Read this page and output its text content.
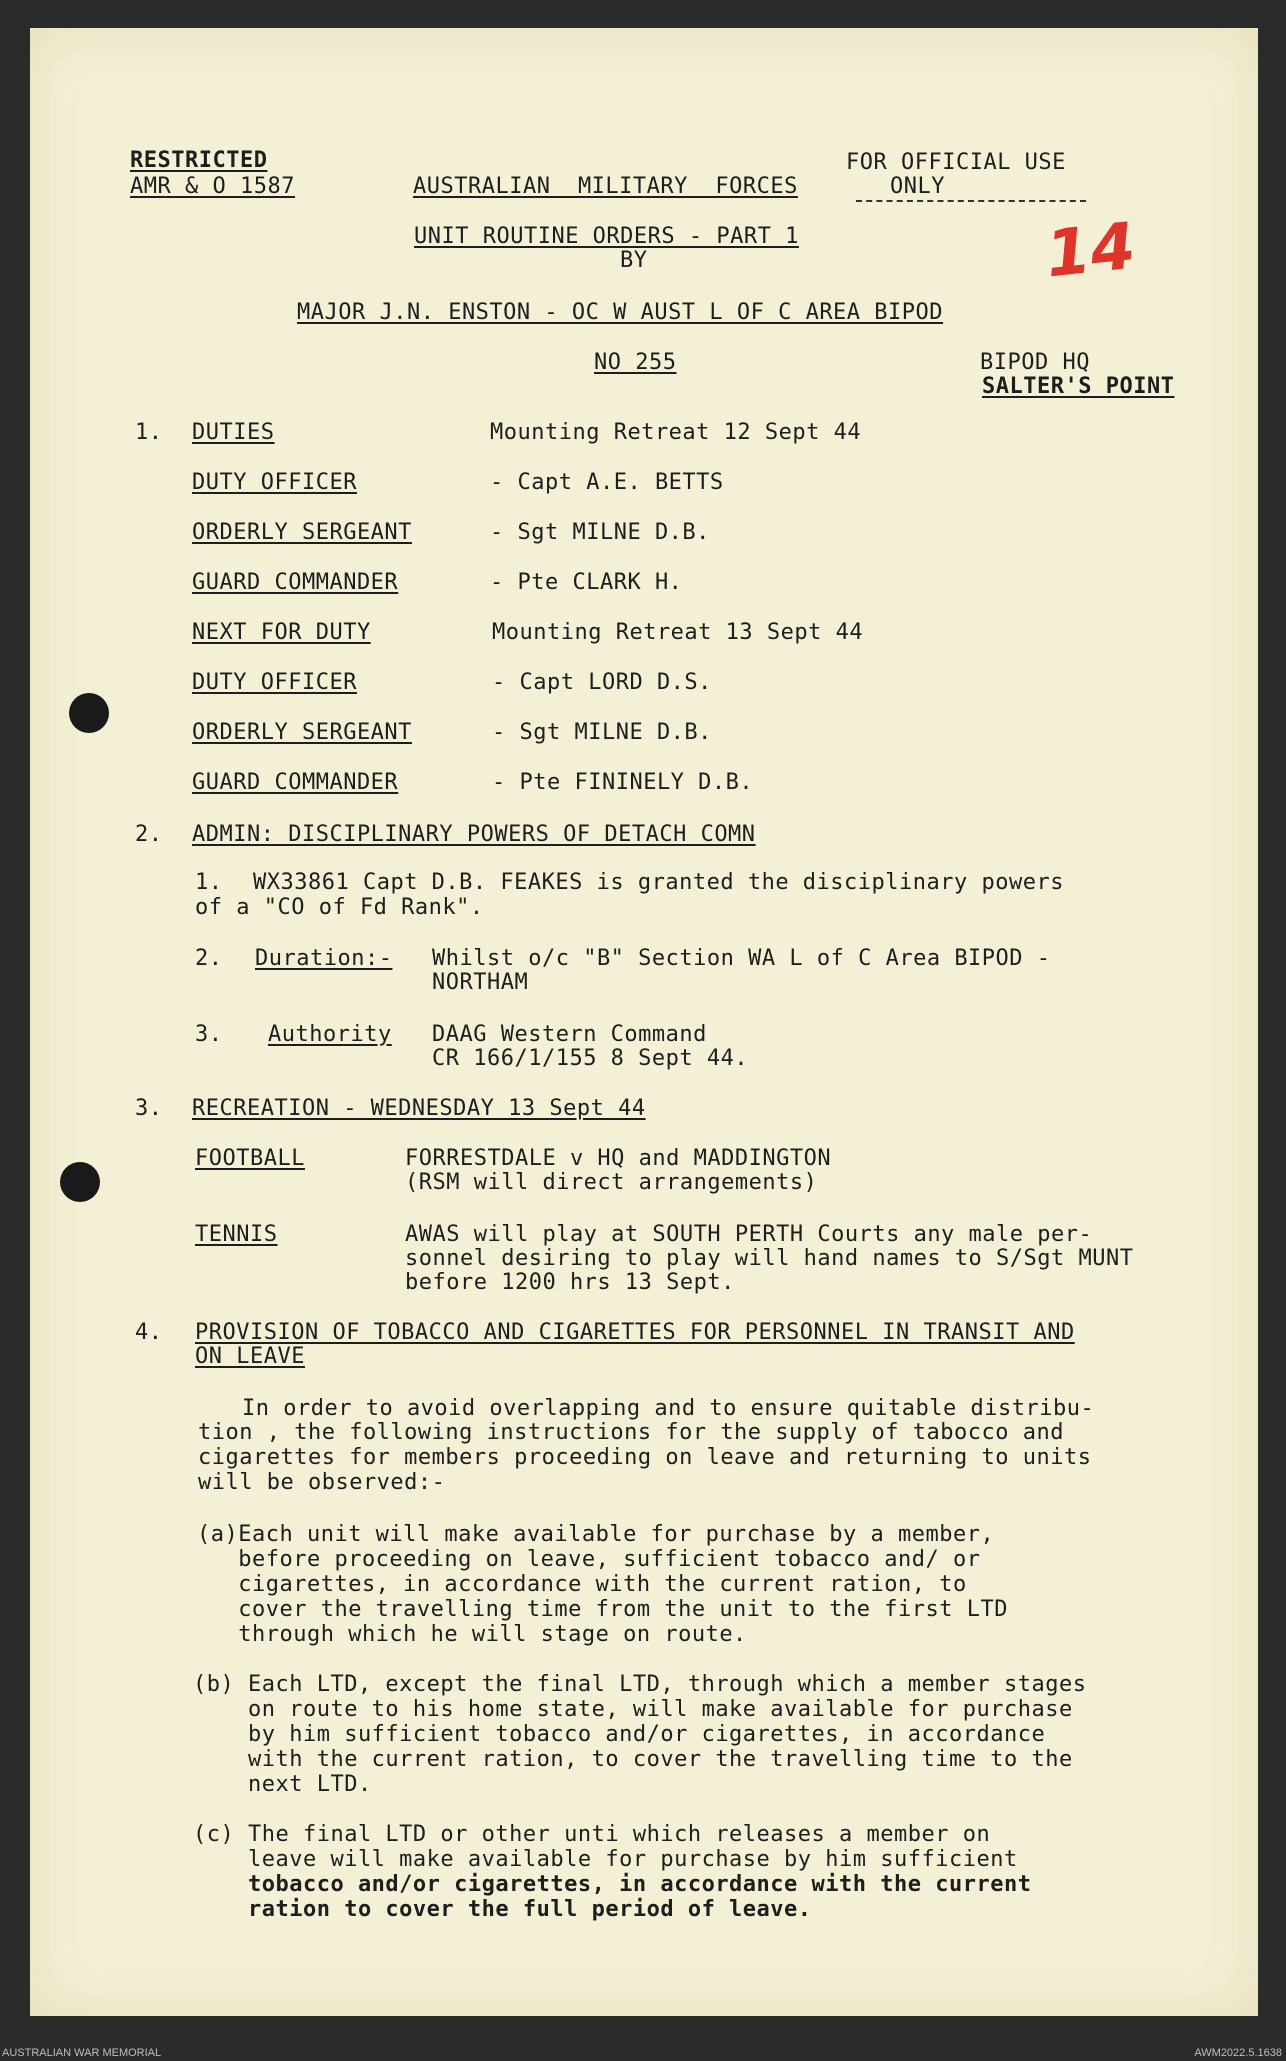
RESTRICTED
AMR & O 1587	AUSTRALIAN  MILITARY  FORCES
FOR OFFICIAL USE
ONLY
UNIT ROUTINE ORDERS - PART 1
BY
MAJOR J.N. ENSTON - OC W AUST L OF C AREA BIPOD
NO 255	BIPOD HQ
SALTER'S POINT
14
1. DUTIES	Mounting Retreat 12 Sept 44
DUTY OFFICER	- Capt A.E. BETTS
ORDERLY SERGEANT	- Sgt MILNE D.B.
GUARD COMMANDER	- Pte CLARK H.
NEXT FOR DUTY	Mounting Retreat 13 Sept 44
DUTY OFFICER	- Capt LORD D.S.
ORDERLY SERGEANT	- Sgt MILNE D.B.
GUARD COMMANDER	- Pte FININELY D.B.
2. ADMIN: DISCIPLINARY POWERS OF DETACH COMN
1. WX33861 Capt D.B. FEAKES is granted the disciplinary powers
of a "CO of Fd Rank".
2. Duration:- Whilst o/c "B" Section WA L of C Area BIPOD -
NORTHAM
3. Authority DAAG Western Command
CR 166/1/155 8 Sept 44.
3. RECREATION - WEDNESDAY 13 Sept 44
FOOTBALL	FORRESTDALE v HQ and MADDINGTON
(RSM will direct arrangements)
TENNIS	AWAS will play at SOUTH PERTH Courts any male per-
sonnel desiring to play will hand names to S/Sgt MUNT
before 1200 hrs 13 Sept.
4. PROVISION OF TOBACCO AND CIGARETTES FOR PERSONNEL IN TRANSIT AND
ON LEAVE
In order to avoid overlapping and to ensure quitable distribu-
tion , the following instructions for the supply of tabocco and
cigarettes for members proceeding on leave and returning to units
will be observed:-
(a)Each unit will make available for purchase by a member,
before proceeding on leave, sufficient tobacco and/ or
cigarettes, in accordance with the current ration, to
cover the travelling time from the unit to the first LTD
through which he will stage on route.
(b) Each LTD, except the final LTD, through which a member stages
on route to his home state, will make available for purchase
by him sufficient tobacco and/or cigarettes, in accordance
with the current ration, to cover the travelling time to the
next LTD.
(c) The final LTD or other unti which releases a member on
leave will make available for purchase by him sufficient
tobacco and/or cigarettes, in accordance with the current
ration to cover the full period of leave.
AUSTRALIAN WAR MEMORIAL	AWM2022.5.1638
